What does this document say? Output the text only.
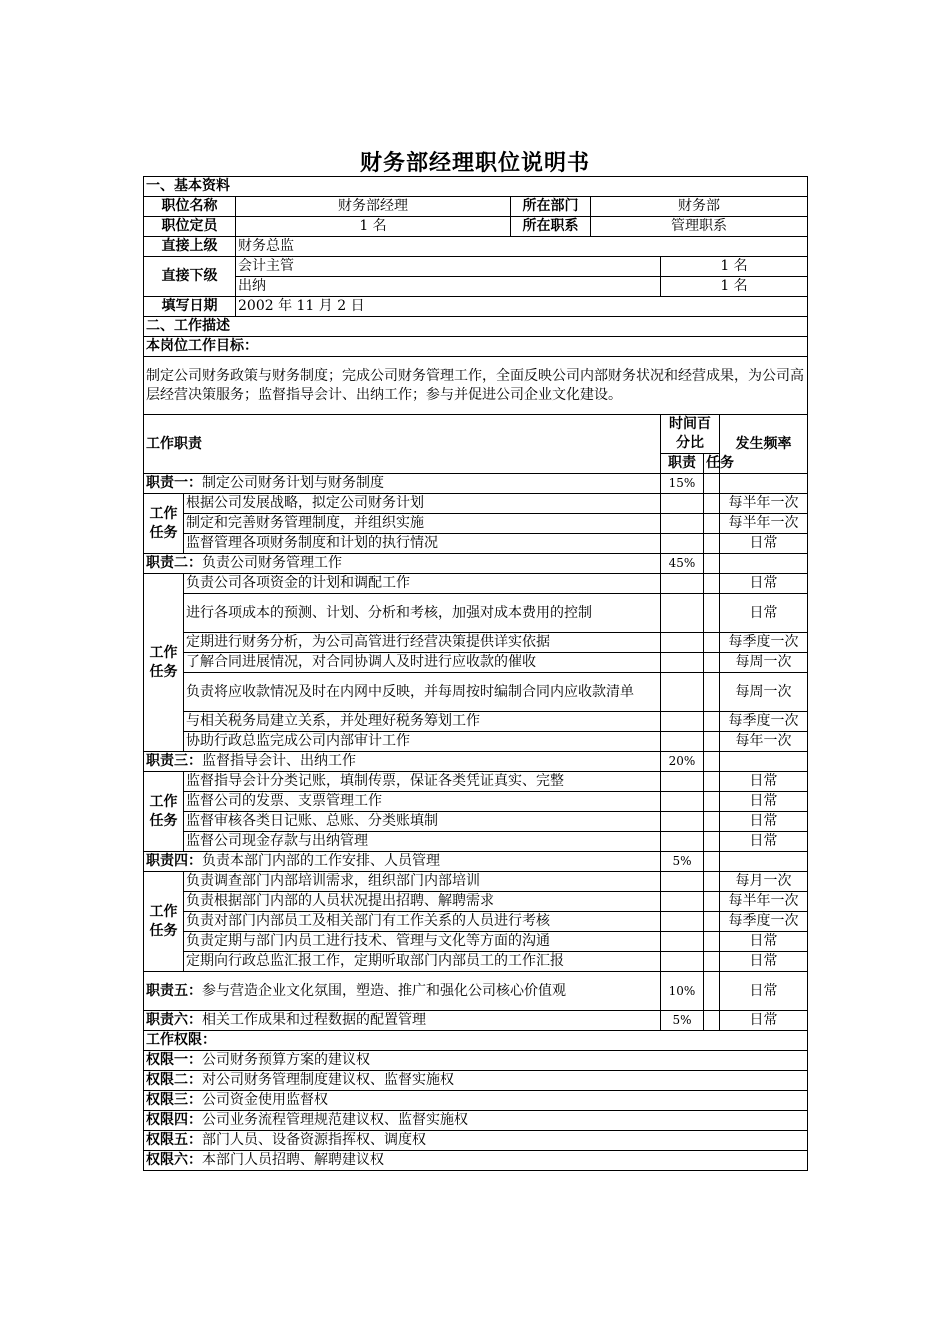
财务部经理职位说明书
一、基本资料							
职位名称		财务部经理	所在部门	财务部			
职位定员		1 名	所在职系	管理职系			
直接上级		财务总监					
直接下级		会计主管			1 名		
		出纳			1 名		
填写日期		2002 年 11 月 2 日					
二、工作描述							
本岗位工作目标：							
制定公司财务政策与财务制度；完成公司财务管理工作，全面反映公司内部财务状况和经营成果，为公司高层经营决策服务；监督指导会计、出纳工作；参与并促进公司企业文化建设。							
工作职责					时间百分比		发生频率
					职责	任务	
职责一：制定公司财务计划与财务制度					15%		
工作任务	根据公司发展战略，拟定公司财务计划						每半年一次
	制定和完善财务管理制度，并组织实施						每半年一次
	监督管理各项财务制度和计划的执行情况						日常
职责二：负责公司财务管理工作					45%		
工作任务	负责公司各项资金的计划和调配工作						日常
	进行各项成本的预测、计划、分析和考核，加强对成本费用的控制						日常
	定期进行财务分析，为公司高管进行经营决策提供详实依据						每季度一次
	了解合同进展情况，对合同协调人及时进行应收款的催收						每周一次
	负责将应收款情况及时在内网中反映，并每周按时编制合同内应收款清单						每周一次
	与相关税务局建立关系，并处理好税务筹划工作						每季度一次
	协助行政总监完成公司内部审计工作						每年一次
职责三：监督指导会计、出纳工作					20%		
工作任务	监督指导会计分类记账，填制传票，保证各类凭证真实、完整						日常
	监督公司的发票、支票管理工作						日常
	监督审核各类日记账、总账、分类账填制						日常
	监督公司现金存款与出纳管理						日常
职责四：负责本部门内部的工作安排、人员管理					5%		
工作任务	负责调查部门内部培训需求，组织部门内部培训						每月一次
	负责根据部门内部的人员状况提出招聘、解聘需求						每半年一次
	负责对部门内部员工及相关部门有工作关系的人员进行考核						每季度一次
	负责定期与部门内员工进行技术、管理与文化等方面的沟通						日常
	定期向行政总监汇报工作，定期听取部门内部员工的工作汇报						日常
职责五：参与营造企业文化氛围，塑造、推广和强化公司核心价值观					10%		日常
职责六：相关工作成果和过程数据的配置管理					5%		日常
工作权限：							
权限一：公司财务预算方案的建议权							
权限二：对公司财务管理制度建议权、监督实施权							
权限三：公司资金使用监督权							
权限四：公司业务流程管理规范建议权、监督实施权							
权限五：部门人员、设备资源指挥权、调度权							
权限六：本部门人员招聘、解聘建议权							
